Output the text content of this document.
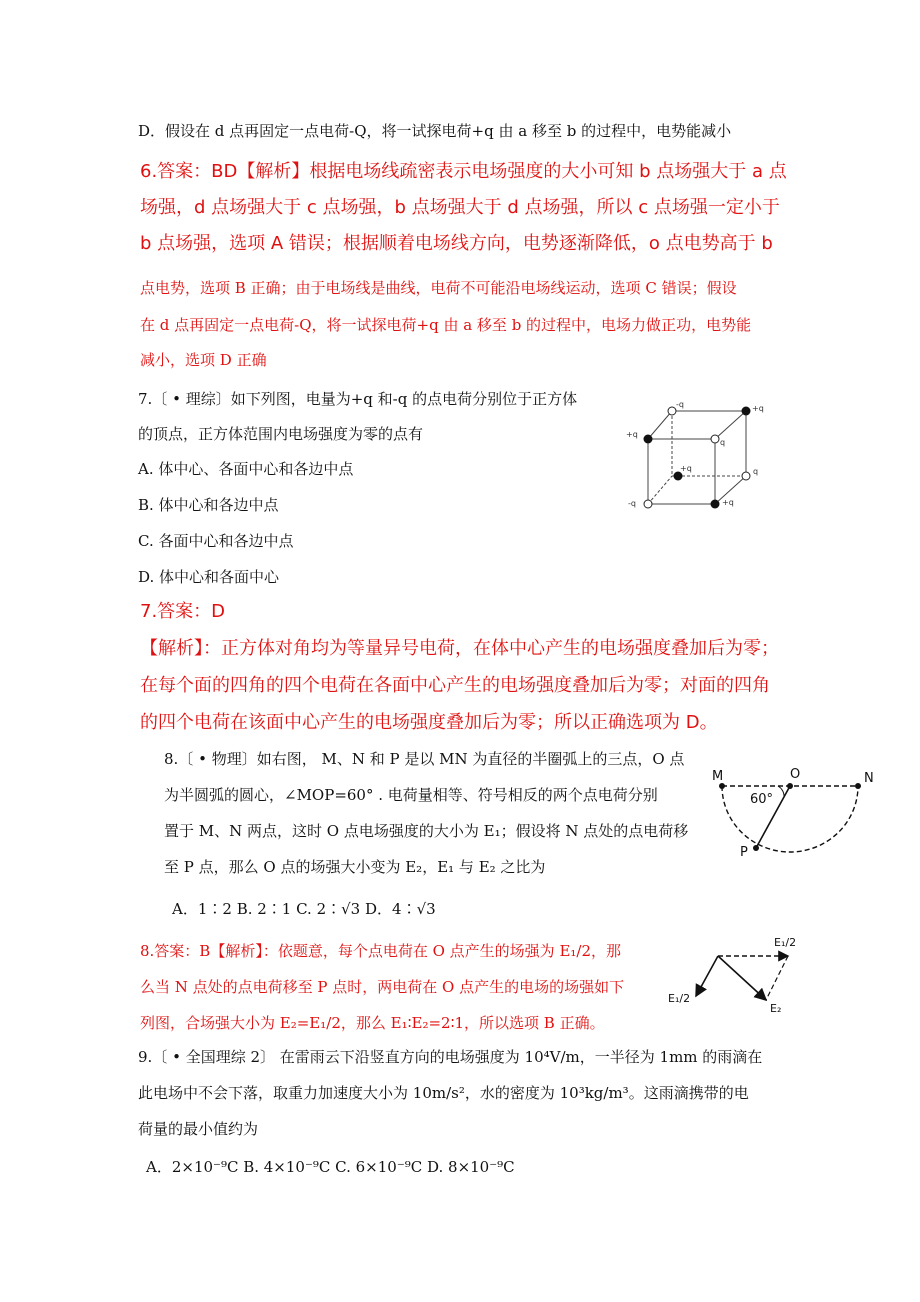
D．假设在 d 点再固定一点电荷-Q，将一试探电荷+q 由 a 移至 b 的过程中，电势能减小
6.答案：BD【解析】根据电场线疏密表示电场强度的大小可知 b 点场强大于 a 点
场强，d 点场强大于 c 点场强，b 点场强大于 d 点场强，所以 c 点场强一定小于
b 点场强，选项 A 错误；根据顺着电场线方向，电势逐渐降低，o 点电势高于 b
点电势，选项 B 正确；由于电场线是曲线，电荷不可能沿电场线运动，选项 C 错误；假设
在 d 点再固定一点电荷-Q，将一试探电荷+q 由 a 移至 b 的过程中，电场力做正功，电势能
减小，选项 D 正确
7.〔 • 理综〕如下列图，电量为+q 和-q 的点电荷分别位于正方体
的顶点，正方体范围内电场强度为零的点有
A. 体中心、各面中心和各边中点
B. 体中心和各边中点
C. 各面中心和各边中点
D. 体中心和各面中心
-q	+q
+q
q
+q	q
-q	+q
7.答案：D
【解析】：正方体对角均为等量异号电荷，在体中心产生的电场强度叠加后为零；
在每个面的四角的四个电荷在各面中心产生的电场强度叠加后为零；对面的四角
的四个电荷在该面中心产生的电场强度叠加后为零；所以正确选项为 D。
8.〔 • 物理〕如右图， M、N 和 P 是以 MN 为直径的半圈弧上的三点，O 点
为半圆弧的圆心，∠MOP=60° . 电荷量相等、符号相反的两个点电荷分别
置于 M、N 两点，这时 O 点电场强度的大小为 E₁；假设将 N 点处的点电荷移
至 P 点，那么 O 点的场强大小变为 E₂，E₁ 与 E₂ 之比为
A．1∶2 B. 2∶1 C. 2∶√3 D．4∶√3
M	O	N
P
60°
8.答案：B【解析】：依题意，每个点电荷在 O 点产生的场强为 E₁/2，那
么当 N 点处的点电荷移至 P 点时，两电荷在 O 点产生的电场的场强如下
列图，合场强大小为 E₂=E₁/2，那么 E₁∶E₂=2∶1，所以选项 B 正确。
E₁/2
E₁/2
E₂
9.〔 • 全国理综 2〕 在雷雨云下沿竖直方向的电场强度为 10⁴V/m，一半径为 1mm 的雨滴在
此电场中不会下落，取重力加速度大小为 10m/s²，水的密度为 10³kg/m³。这雨滴携带的电
荷量的最小值约为
A．2×10⁻⁹C B. 4×10⁻⁹C C. 6×10⁻⁹C D. 8×10⁻⁹C
